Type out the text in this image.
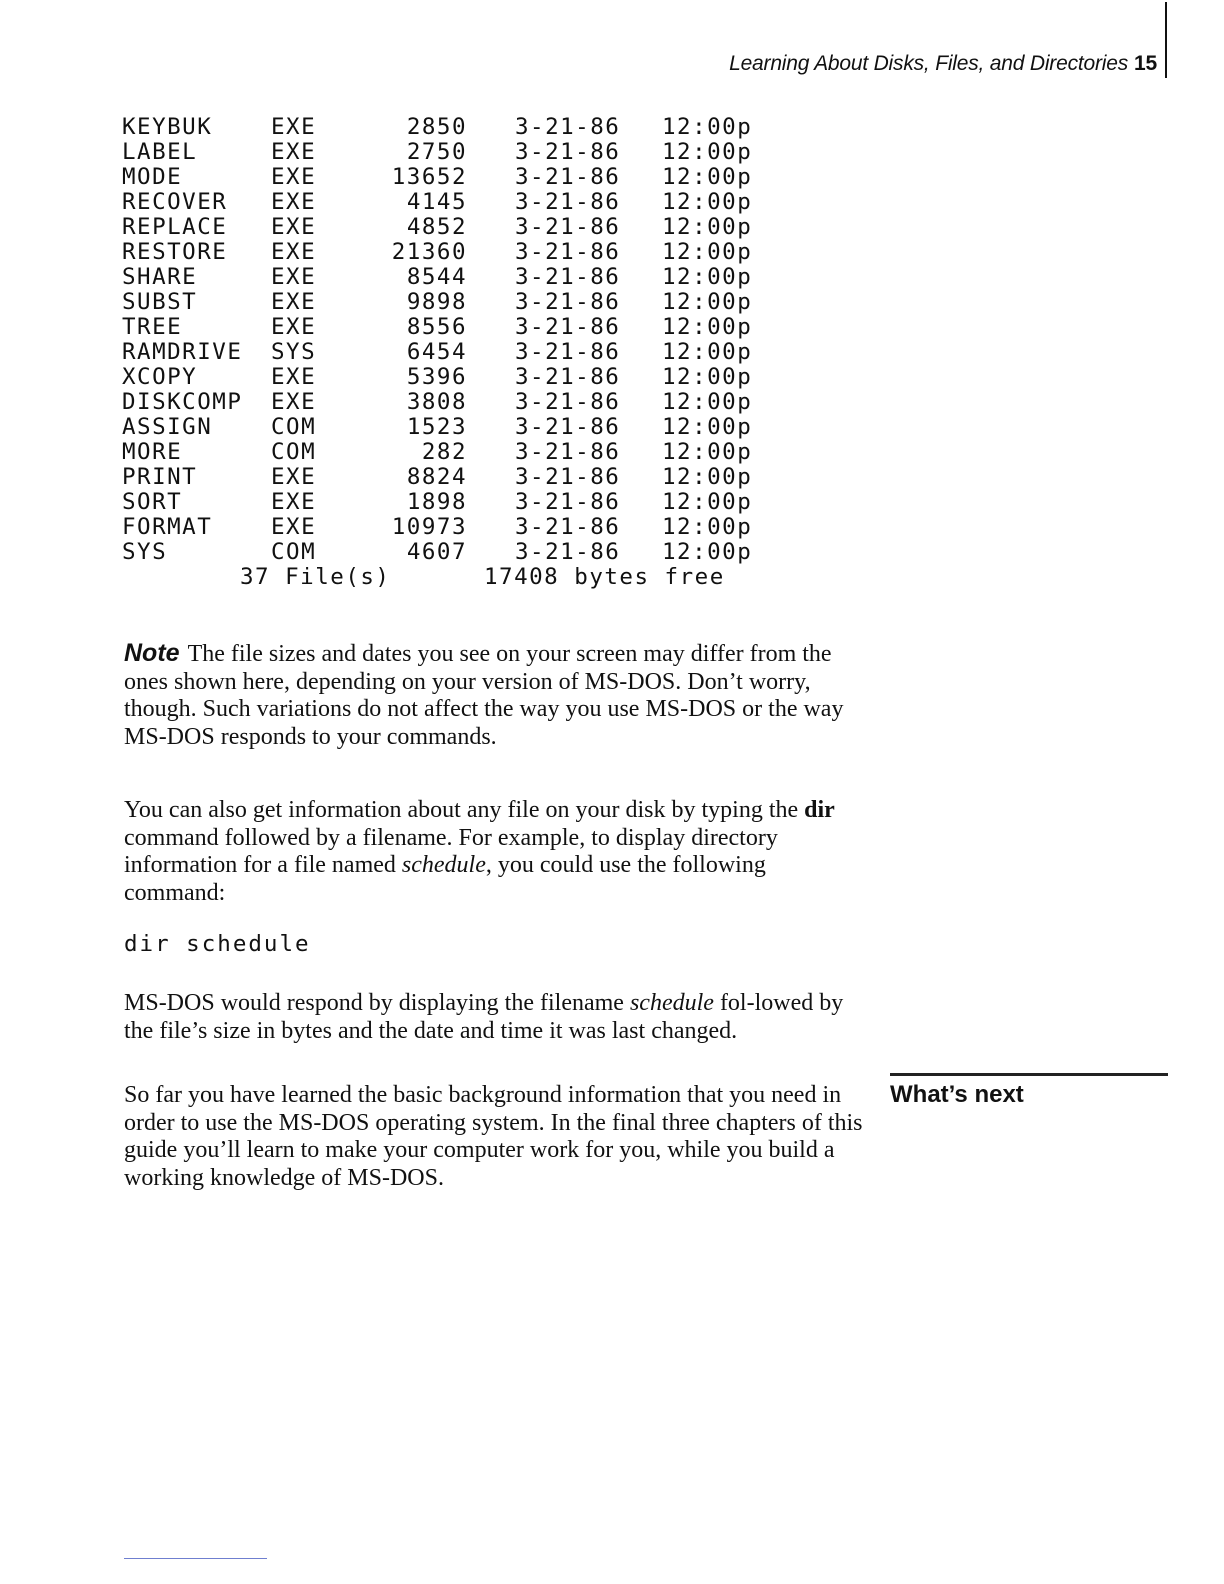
Learning About Disks, Files, and Directories 15
KEYBUK	EXE	2850 3-21-86 12:00p
LABEL	EXE	2750 3-21-86 12:00p
MODE	EXE	13652 3-21-86 12:00p
RECOVER EXE	4145 3-21-86 12:00p
REPLACE EXE	4852 3-21-86 12:00p
RESTORE EXE	21360 3-21-86 12:00p
SHARE	EXE	8544 3-21-86 12:00p
SUBST	EXE	9898 3-21-86 12:00p
TREE	EXE	8556 3-21-86 12:00p
RAMDRIVE SYS	6454 3-21-86 12:00p
XCOPY	EXE	5396 3-21-86 12:00p
DISKCOMP EXE	3808 3-21-86 12:00p
ASSIGN	COM	1523 3-21-86 12:00p
MORE	COM	282 3-21-86 12:00p
PRINT	EXE	8824 3-21-86 12:00p
SORT	EXE	1898 3-21-86 12:00p
FORMAT	EXE	10973 3-21-86 12:00p
SYS	COM	4607 3-21-86 12:00p
37 File(s)	17408 bytes free
Note The file sizes and dates you see on your screen may differ from the ones shown here, depending on your version of MS-DOS. Don’t worry, though. Such variations do not affect the way you use MS-DOS or the way MS-DOS responds to your commands.
You can also get information about any file on your disk by typing the dir command followed by a filename. For example, to display directory information for a file named schedule, you could use the following command:
dir schedule
MS-DOS would respond by displaying the filename schedule fol-lowed by the file’s size in bytes and the date and time it was last changed.
What’s next
So far you have learned the basic background information that you need in order to use the MS-DOS operating system. In the final three chapters of this guide you’ll learn to make your computer work for you, while you build a working knowledge of MS-DOS.
